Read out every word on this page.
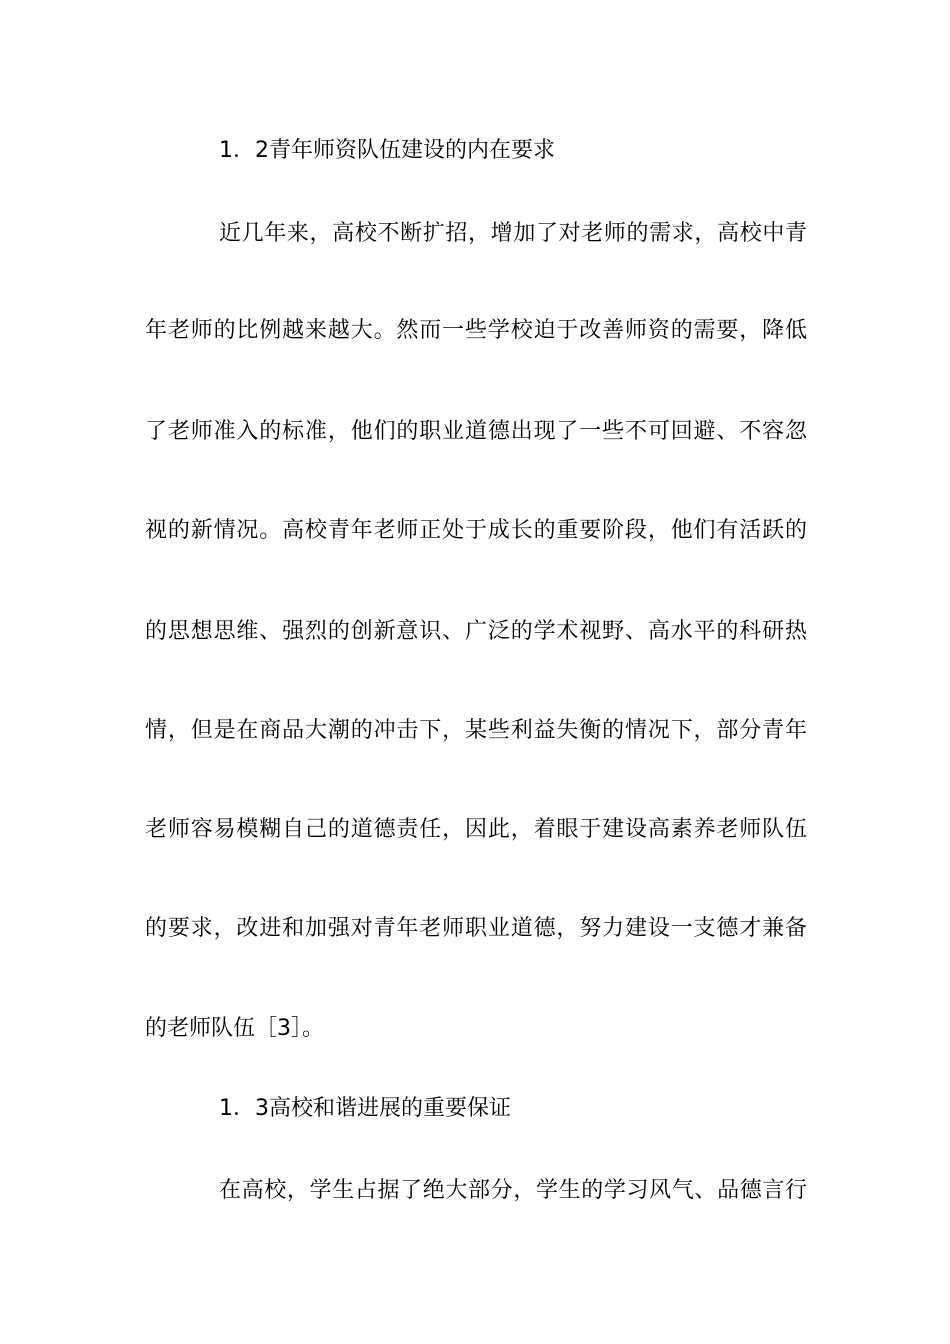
1．2青年师资队伍建设的内在要求
近几年来，高校不断扩招，增加了对老师的需求，高校中青
年老师的比例越来越大。然而一些学校迫于改善师资的需要，降低
了老师准入的标准，他们的职业道德出现了一些不可回避、不容忽
视的新情况。高校青年老师正处于成长的重要阶段，他们有活跃的
的思想思维、强烈的创新意识、广泛的学术视野、高水平的科研热
情，但是在商品大潮的冲击下，某些利益失衡的情况下，部分青年
老师容易模糊自己的道德责任，因此，着眼于建设高素养老师队伍
的要求，改进和加强对青年老师职业道德，努力建设一支德才兼备
的老师队伍［3］。
1．3高校和谐进展的重要保证
在高校，学生占据了绝大部分，学生的学习风气、品德言行
